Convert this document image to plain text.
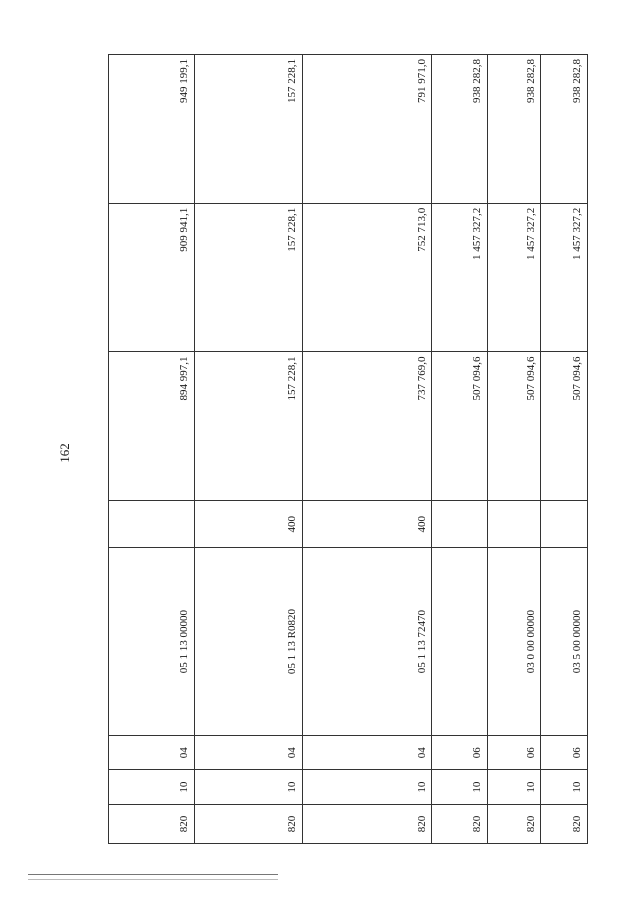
162
820	10	04	05 1 13 00000		894 997,1	909 941,1	949 199,1
820	10	04	05 1 13 R0820	400	157 228,1	157 228,1	157 228,1
820	10	04	05 1 13 72470	400	737 769,0	752 713,0	791 971,0
820	10	06			507 094,6	1 457 327,2	938 282,8
820	10	06	03 0 00 00000		507 094,6	1 457 327,2	938 282,8
820	10	06	03 5 00 00000		507 094,6	1 457 327,2	938 282,8
